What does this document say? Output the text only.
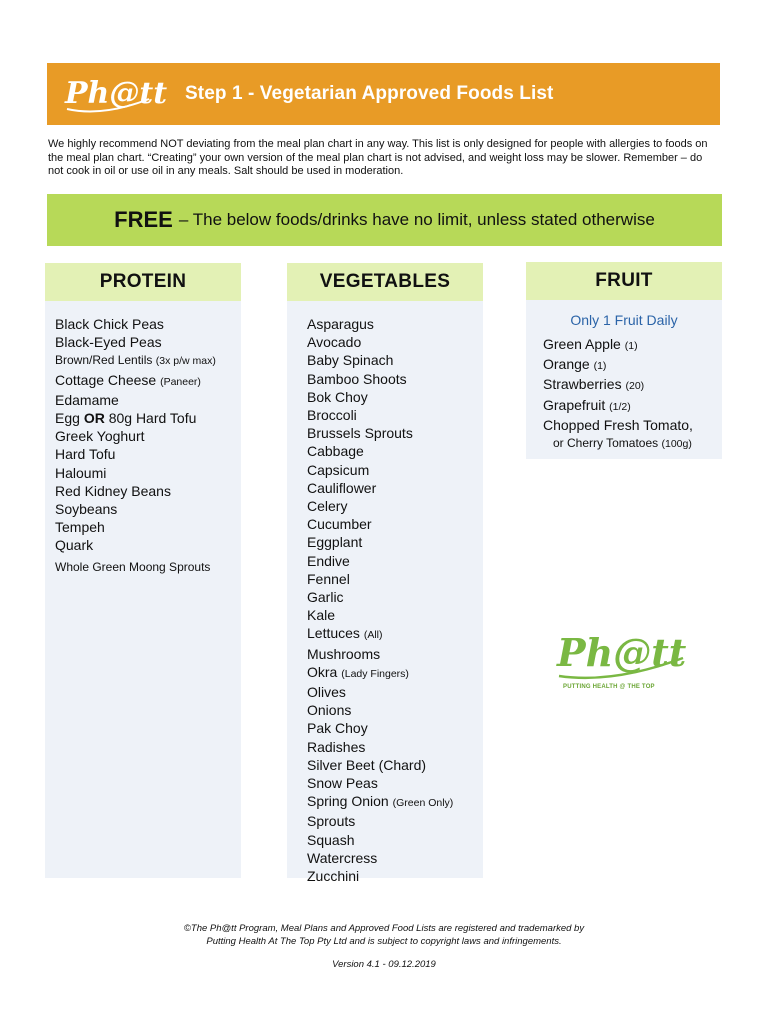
Ph@tt Step 1 - Vegetarian Approved Foods List
We highly recommend NOT deviating from the meal plan chart in any way. This list is only designed for people with allergies to foods on the meal plan chart. “Creating” your own version of the meal plan chart is not advised, and weight loss may be slower. Remember – do not cook in oil or use oil in any meals. Salt should be used in moderation.
FREE – The below foods/drinks have no limit, unless stated otherwise
PROTEIN
Black Chick Peas
Black-Eyed Peas
Brown/Red Lentils (3x p/w max)
Cottage Cheese (Paneer)
Edamame
Egg OR 80g Hard Tofu
Greek Yoghurt
Hard Tofu
Haloumi
Red Kidney Beans
Soybeans
Tempeh
Quark
Whole Green Moong Sprouts
VEGETABLES
Asparagus
Avocado
Baby Spinach
Bamboo Shoots
Bok Choy
Broccoli
Brussels Sprouts
Cabbage
Capsicum
Cauliflower
Celery
Cucumber
Eggplant
Endive
Fennel
Garlic
Kale
Lettuces (All)
Mushrooms
Okra (Lady Fingers)
Olives
Onions
Pak Choy
Radishes
Silver Beet (Chard)
Snow Peas
Spring Onion (Green Only)
Sprouts
Squash
Watercress
Zucchini
FRUIT
Only 1 Fruit Daily
Green Apple (1)
Orange (1)
Strawberries (20)
Grapefruit (1/2)
Chopped Fresh Tomato,
or Cherry Tomatoes (100g)
Ph@tt
PUTTING HEALTH @ THE TOP
©The Ph@tt Program, Meal Plans and Approved Food Lists are registered and trademarked by
Putting Health At The Top Pty Ltd and is subject to copyright laws and infringements.
Version 4.1 - 09.12.2019
